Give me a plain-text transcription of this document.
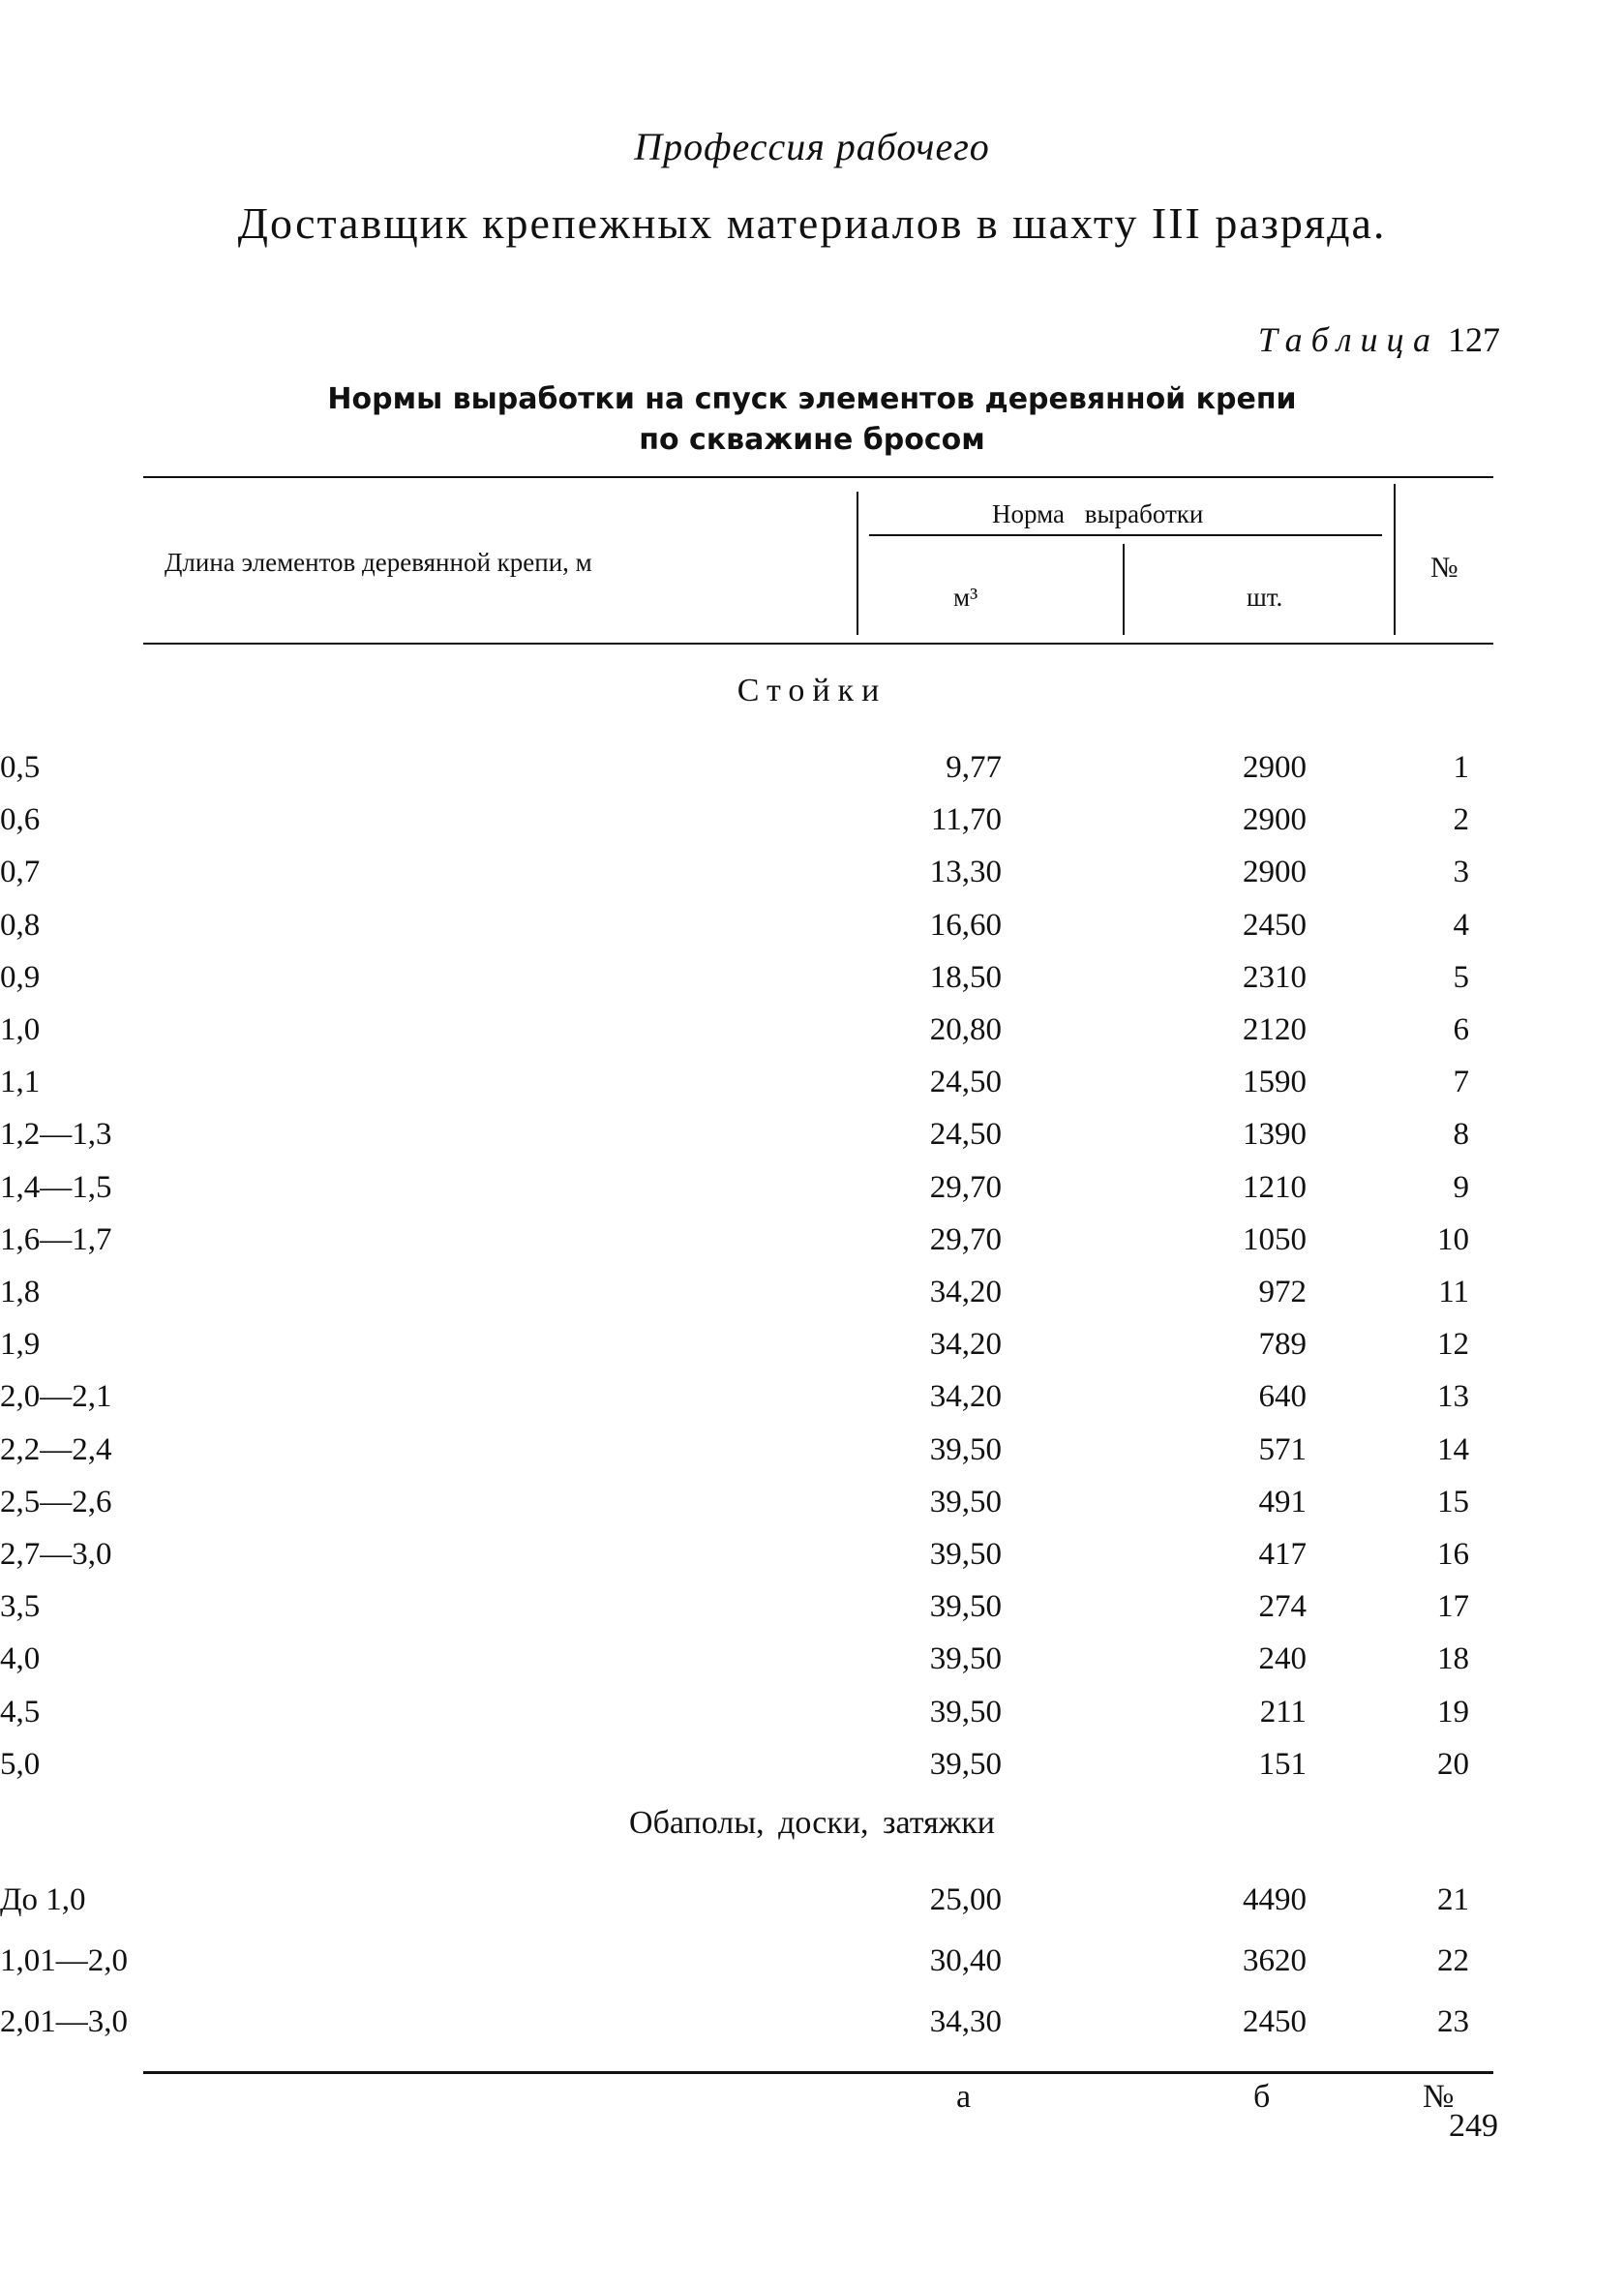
Профессия рабочего
Доставщик крепежных материалов в шахту III разряда.
Таблица 127
Нормы выработки на спуск элементов деревянной крепи
по скважине бросом
Длина элементов деревянной крепи, м
Норма выработки
м³	шт.
№
Стойки
0,5	9,77	2900	1
0,6	11,70	2900	2
0,7	13,30	2900	3
0,8	16,60	2450	4
0,9	18,50	2310	5
1,0	20,80	2120	6
1,1	24,50	1590	7
1,2—1,3	24,50	1390	8
1,4—1,5	29,70	1210	9
1,6—1,7	29,70	1050	10
1,8	34,20	972	11
1,9	34,20	789	12
2,0—2,1	34,20	640	13
2,2—2,4	39,50	571	14
2,5—2,6	39,50	491	15
2,7—3,0	39,50	417	16
3,5	39,50	274	17
4,0	39,50	240	18
4,5	39,50	211	19
5,0	39,50	151	20
Обаполы, доски, затяжки
До 1,0	25,00	4490	21
1,01—2,0	30,40	3620	22
2,01—3,0	34,30	2450	23
а	б	№
249
